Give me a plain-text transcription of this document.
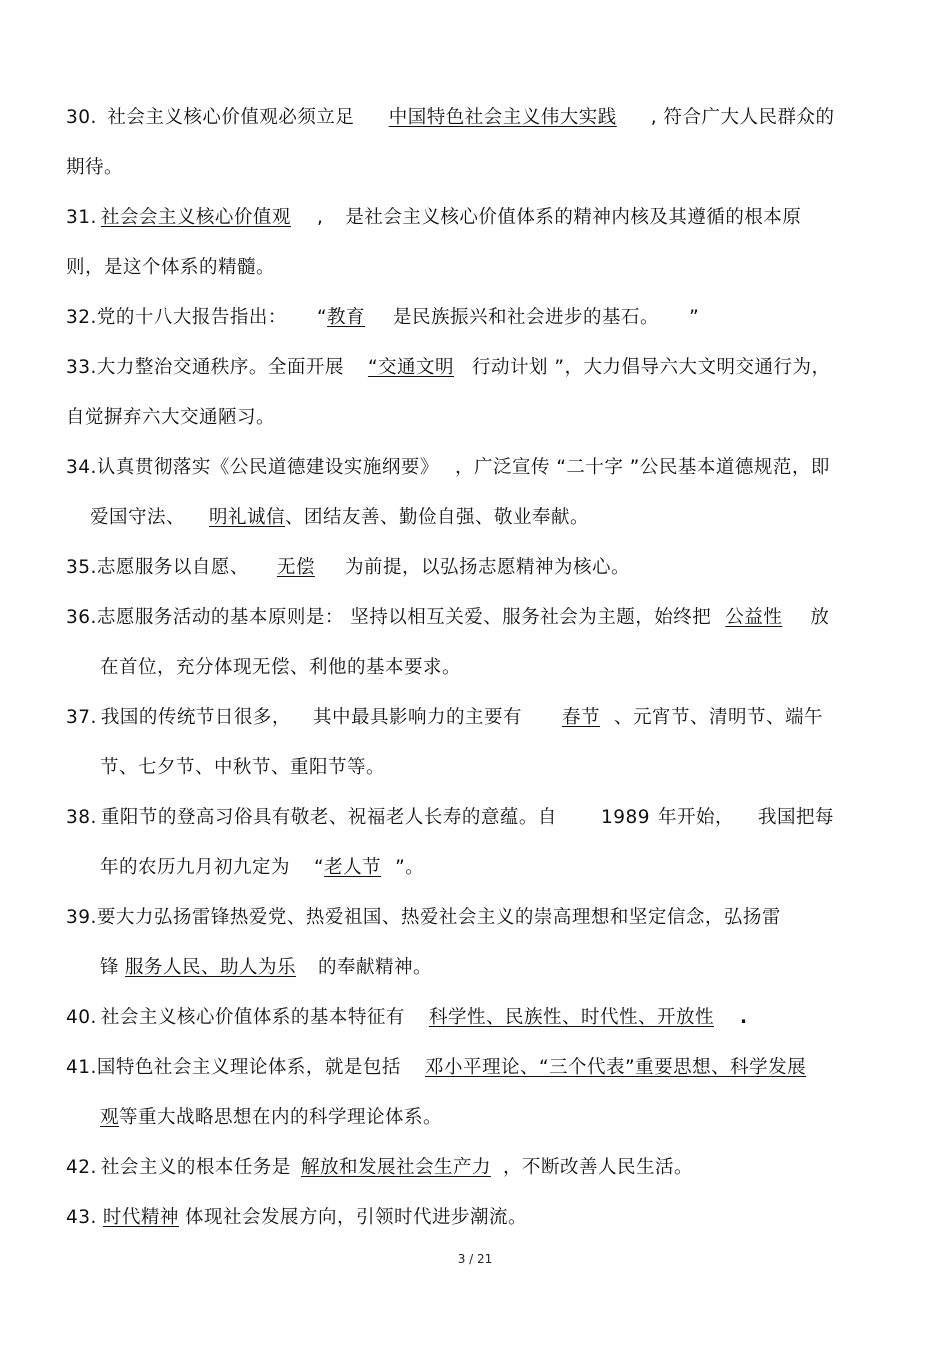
30. 社会主义核心价值观必须立足 中国特色社会主义伟大实践 , 符合广大人民群众的
期待。
31. 社会会主义核心价值观 , 是社会主义核心价值体系的精神内核及其遵循的根本原
则，是这个体系的精髓。
32.党的十八大报告指出： “教育 是民族振兴和社会进步的基石。 ”
33.大力整治交通秩序。全面开展 “交通文明 行动计划 ”，大力倡导六大文明交通行为，
自觉摒弃六大交通陋习。
34.认真贯彻落实《公民道德建设实施纲要》 ，广泛宣传 “二十字 ”公民基本道德规范，即
爱国守法、 明礼诚信、团结友善、勤俭自强、敬业奉献。
35.志愿服务以自愿、 无偿 为前提，以弘扬志愿精神为核心。
36.志愿服务活动的基本原则是： 坚持以相互关爱、服务社会为主题，始终把 公益性 放
在首位，充分体现无偿、利他的基本要求。
37. 我国的传统节日很多， 其中最具影响力的主要有 春节 、元宵节、清明节、端午
节、七夕节、中秋节、重阳节等。
38. 重阳节的登高习俗具有敬老、祝福老人长寿的意蕴。自 1989 年开始， 我国把每
年的农历九月初九定为 “老人节 ”。
39.要大力弘扬雷锋热爱党、热爱祖国、热爱社会主义的崇高理想和坚定信念，弘扬雷
锋 服务人民、助人为乐 的奉献精神。
40. 社会主义核心价值体系的基本特征有 科学性、民族性、时代性、开放性 .
41.国特色社会主义理论体系，就是包括 邓小平理论、“三个代表”重要思想、科学发展
观等重大战略思想在内的科学理论体系。
42. 社会主义的根本任务是 解放和发展社会生产力 ，不断改善人民生活。
43. 时代精神 体现社会发展方向，引领时代进步潮流。
3 / 21
